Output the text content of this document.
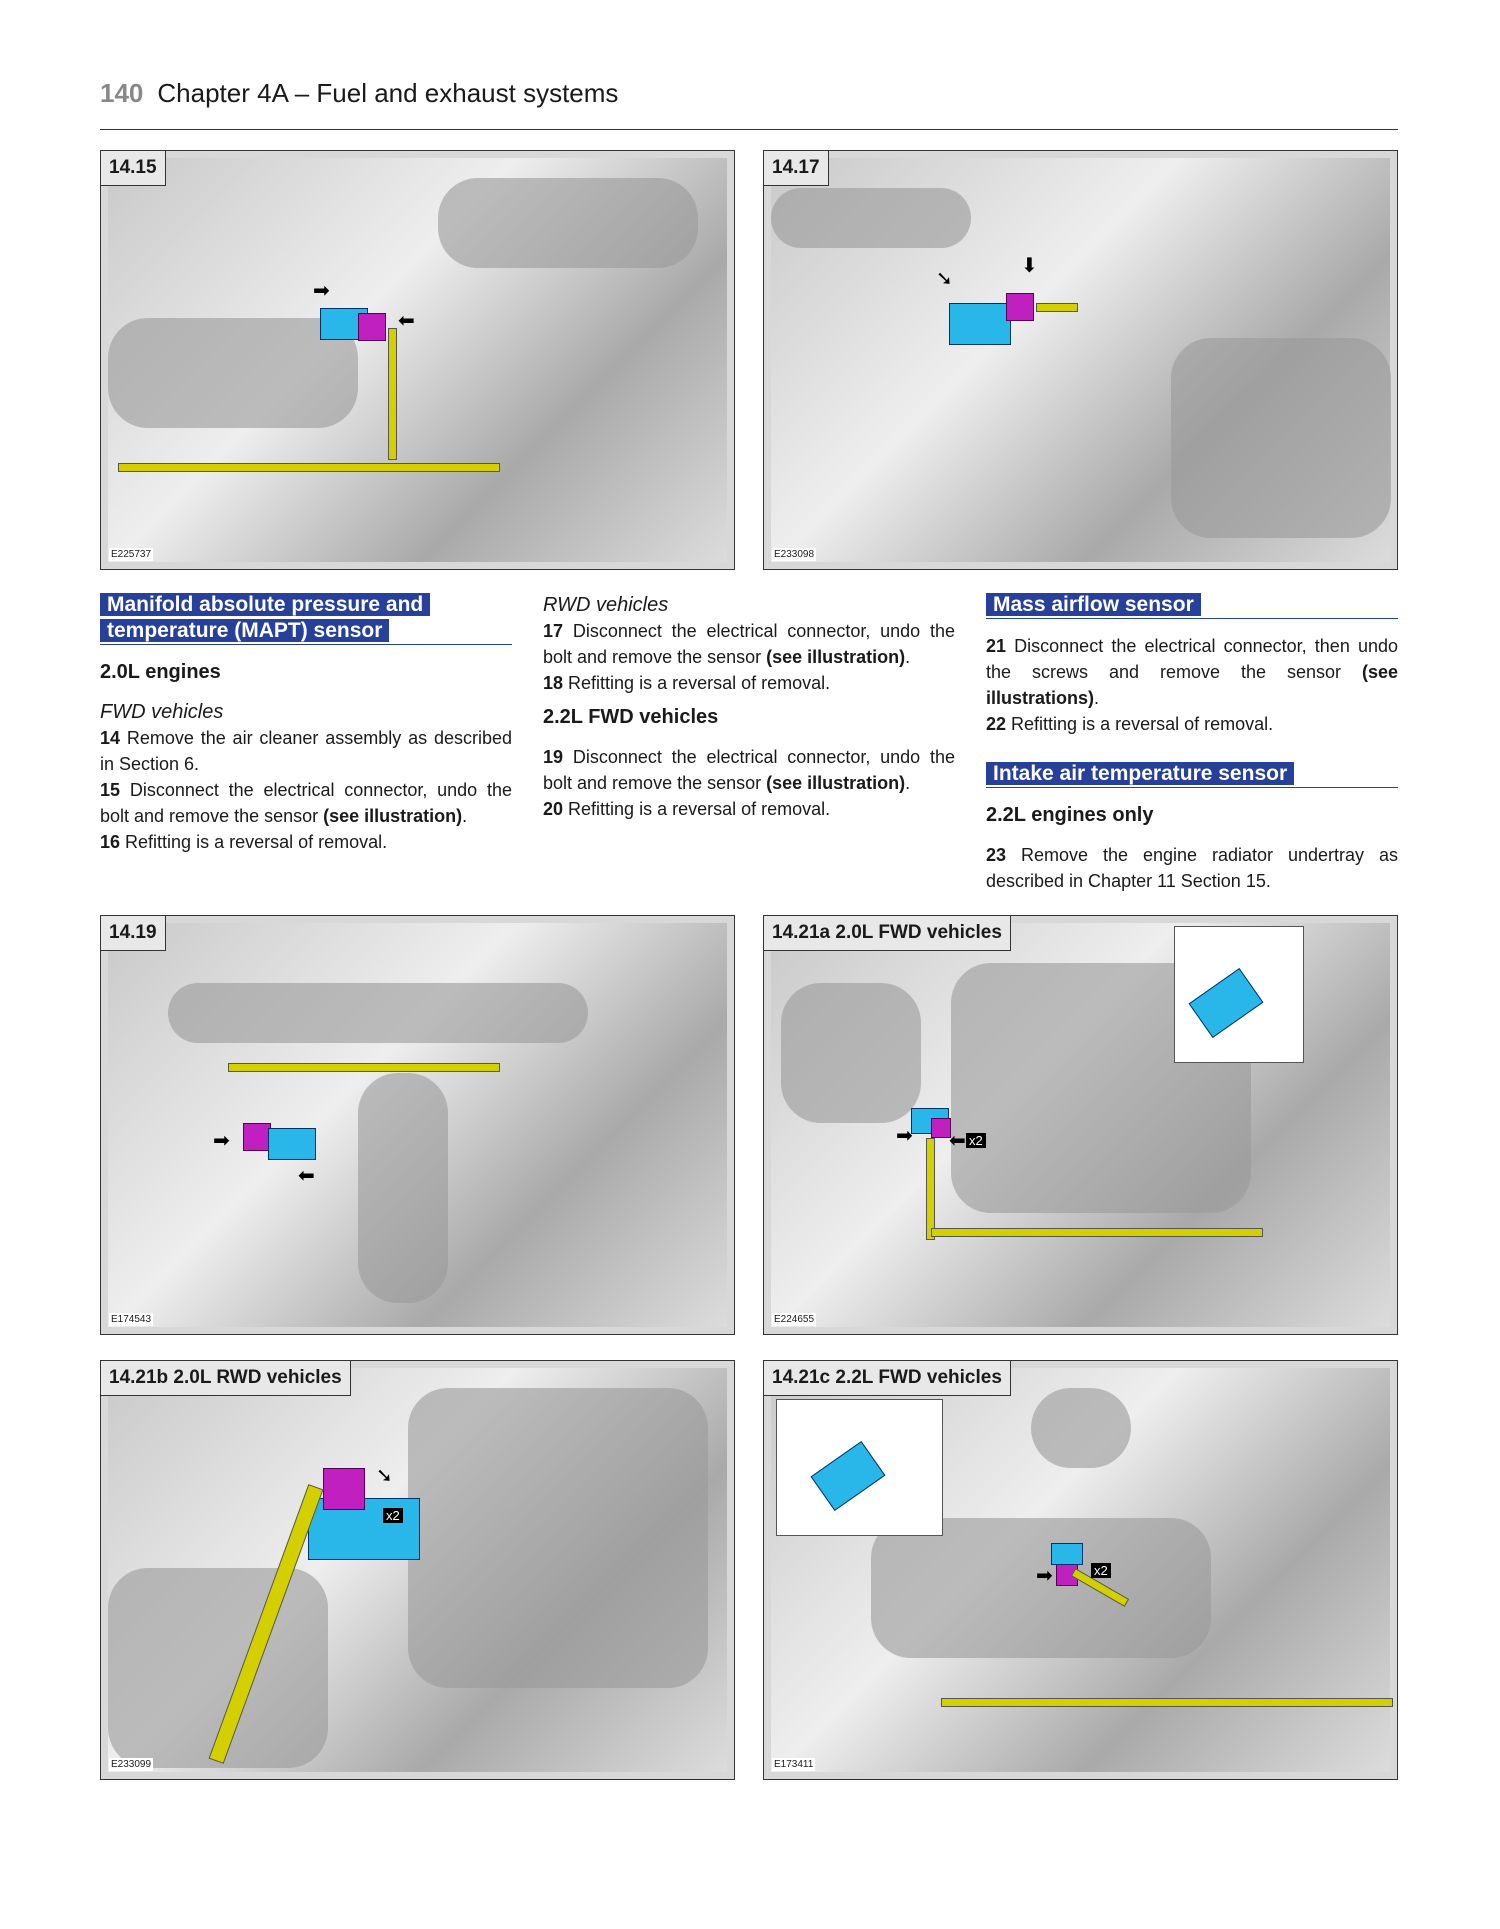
140 Chapter 4A – Fuel and exhaust systems
➡
⬅
14.15
E225737
➘
⬇
14.17
E233098
Manifold absolute pressure and temperature (MAPT) sensor
2.0L engines

FWD vehicles

14 Remove the air cleaner assembly as described in Section 6.

15 Disconnect the electrical connector, undo the bolt and remove the sensor (see illustration).

16 Refitting is a reversal of removal.

RWD vehicles

17 Disconnect the electrical connector, undo the bolt and remove the sensor (see illustration).

18 Refitting is a reversal of removal.

2.2L FWD vehicles

19 Disconnect the electrical connector, undo the bolt and remove the sensor (see illustration).

20 Refitting is a reversal of removal.

Mass airflow sensor

21 Disconnect the electrical connector, then undo the screws and remove the sensor (see illustrations).

22 Refitting is a reversal of removal.

Intake air temperature sensor
2.2L engines only

23 Remove the engine radiator undertray as described in Chapter 11 Section 15.

➡
⬅
14.19
E174543
➡ ⬅ x2
14.21a 2.0L FWD vehicles
E224655
➘
x2
14.21b 2.0L RWD vehicles
E233099
➡	x2
14.21c 2.2L FWD vehicles
E173411
